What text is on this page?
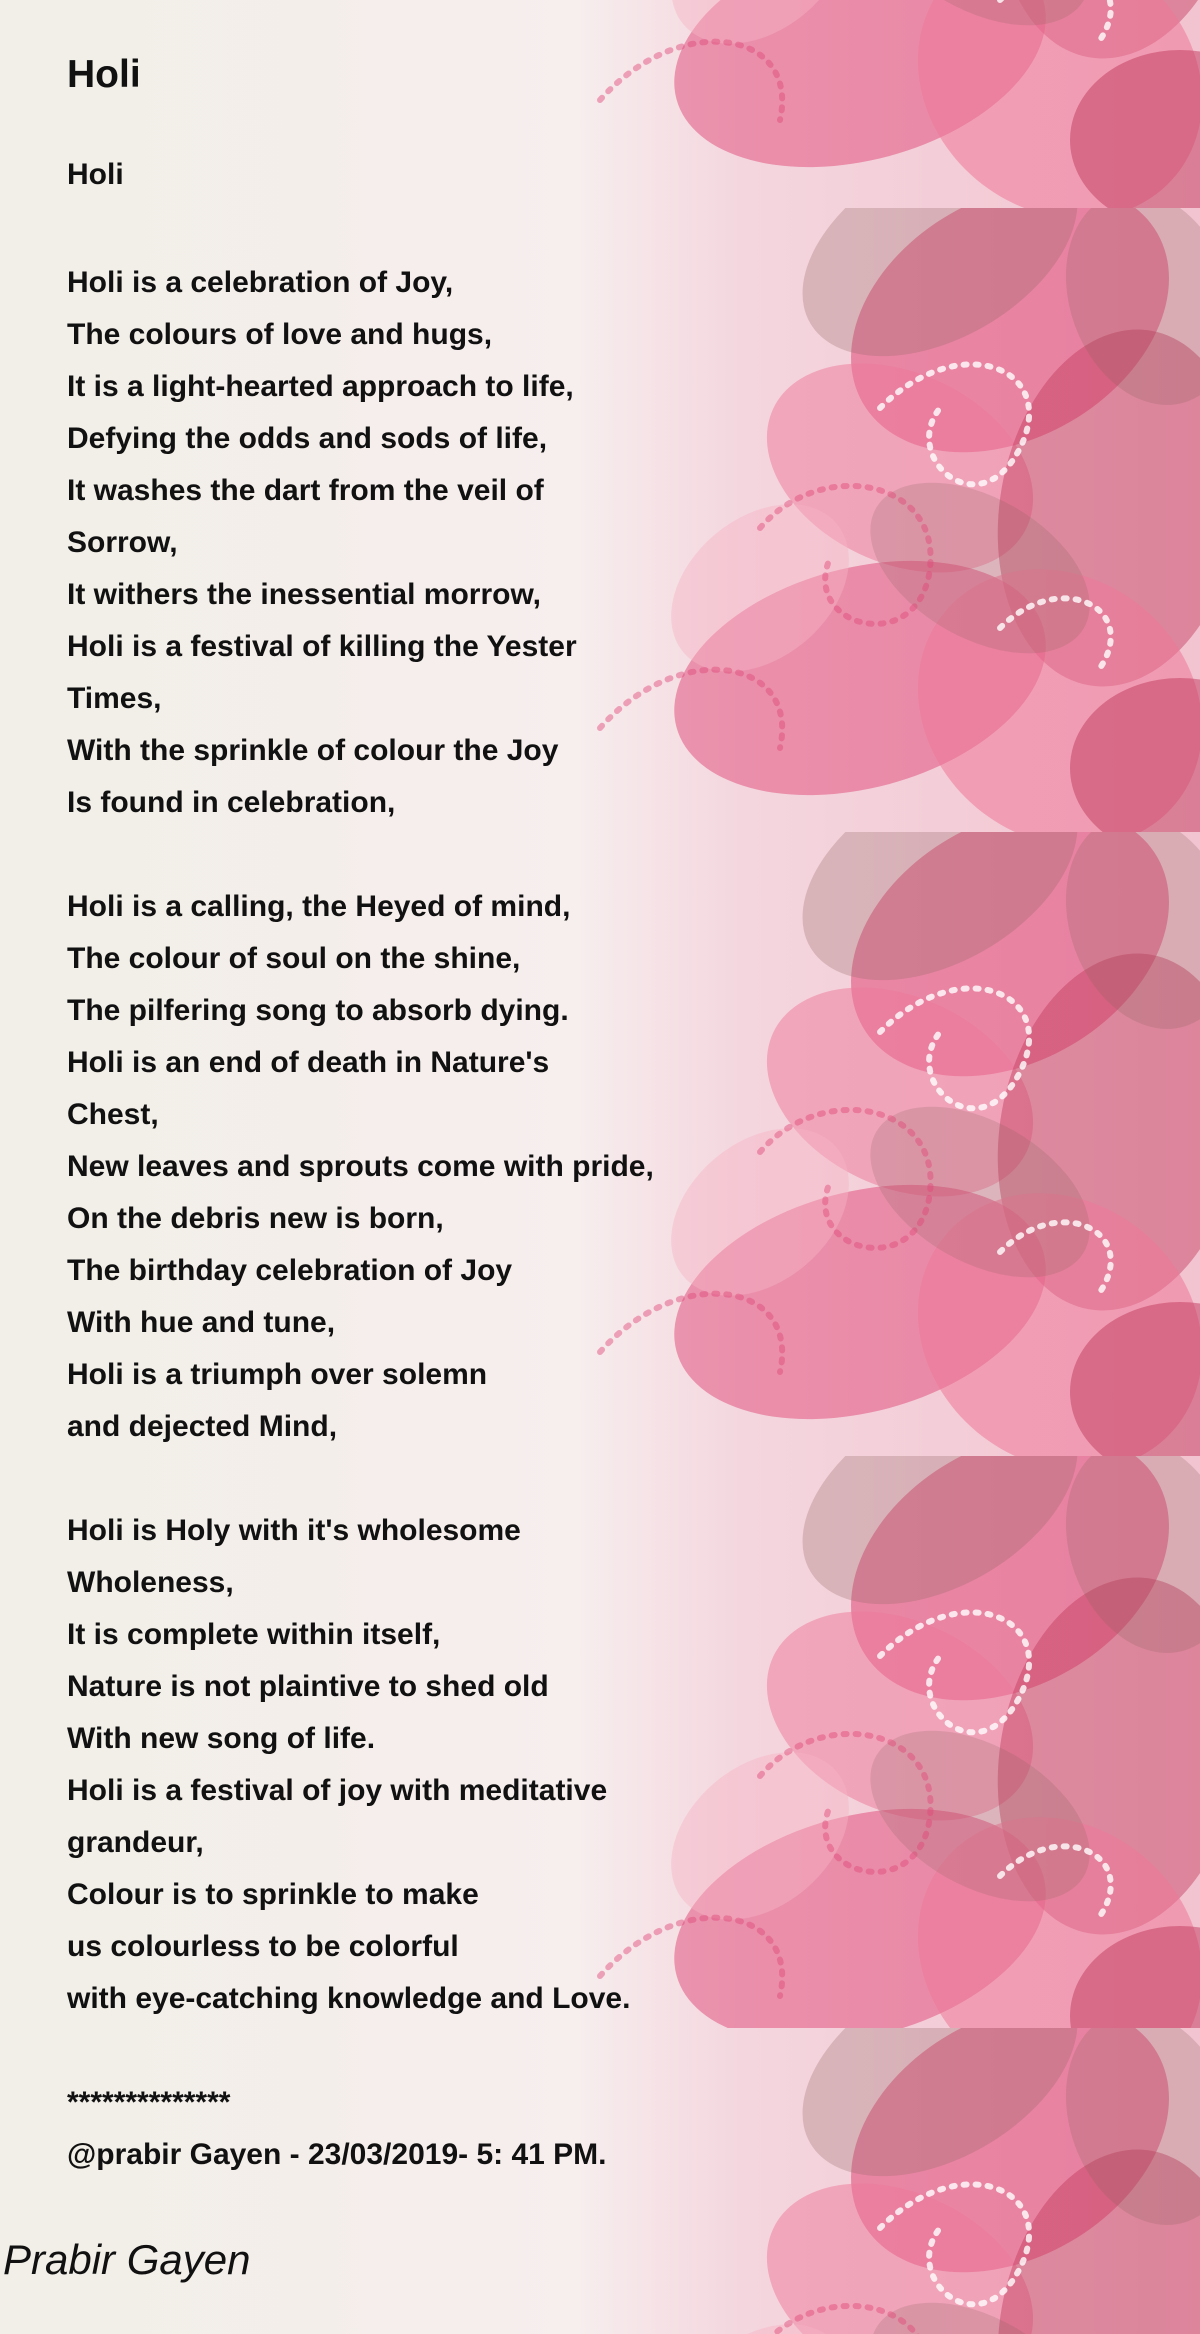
Holi
Holi
Holi is a celebration of Joy,
The colours of love and hugs,
It is a light-hearted approach to life,
Defying the odds and sods of life,
It washes the dart from the veil of
Sorrow,
It withers the inessential morrow,
Holi is a festival of killing the Yester
Times,
With the sprinkle of colour the Joy
Is found in celebration,
Holi is a calling, the Heyed of mind,
The colour of soul on the shine,
The pilfering song to absorb dying.
Holi is an end of death in Nature's
Chest,
New leaves and sprouts come with pride,
On the debris new is born,
The birthday celebration of Joy
With hue and tune,
Holi is a triumph over solemn
and dejected Mind,
Holi is Holy with it's wholesome
Wholeness,
It is complete within itself,
Nature is not plaintive to shed old
With new song of life.
Holi is a festival of joy with meditative
grandeur,
Colour is to sprinkle to make
us colourless to be colorful
with eye-catching knowledge and Love.
**************
@prabir Gayen - 23/03/2019- 5: 41 PM.
Prabir Gayen
